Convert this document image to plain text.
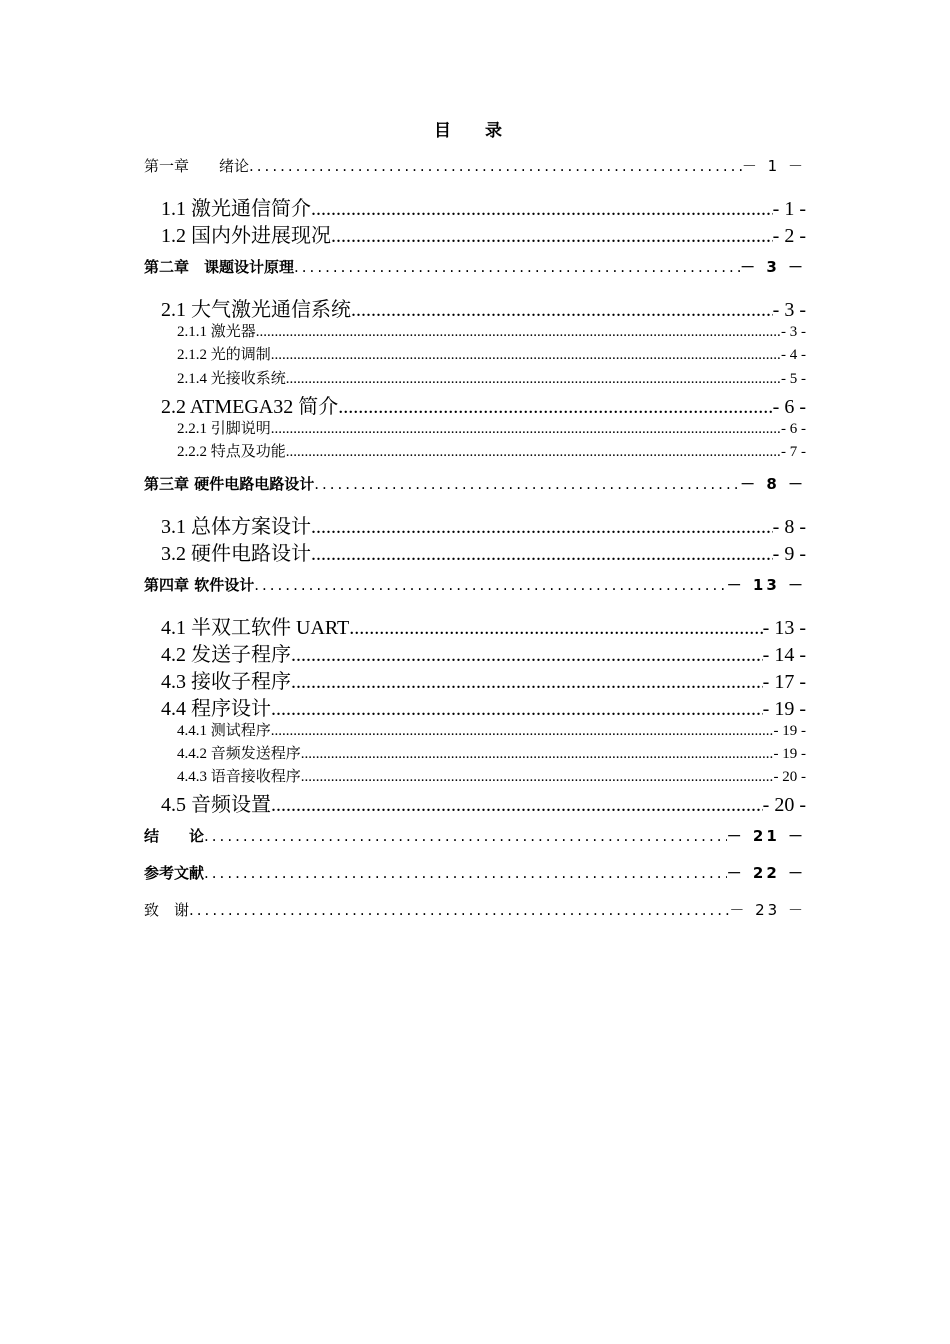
目 录
第一章　　绪论 .....	－ 1 －
1.1 激光通信简介 .....	- 1 -
1.2 国内外进展现况 .....	- 2 -
第二章　课题设计原理 .....	－ 3 －
2.1 大气激光通信系统 .....	- 3 -
2.1.1 激光器 .....	- 3 -
2.1.2 光的调制 .....	- 4 -
2.1.4 光接收系统 .....	- 5 -
2.2 ATMEGA32 简介 .....	- 6 -
2.2.1 引脚说明 .....	- 6 -
2.2.2 特点及功能 .....	- 7 -
第三章 硬件电路电路设计 .....	－ 8 －
3.1 总体方案设计 .....	- 8 -
3.2 硬件电路设计 .....	- 9 -
第四章 软件设计 .....	－ 13 －
4.1 半双工软件 UART .....	- 13 -
4.2 发送子程序 .....	- 14 -
4.3 接收子程序 .....	- 17 -
4.4 程序设计 .....	- 19 -
4.4.1 测试程序 .....	- 19 -
4.4.2 音频发送程序 .....	- 19 -
4.4.3 语音接收程序 .....	- 20 -
4.5 音频设置 .....	- 20 -
结　　论 .....	－ 21 －
参考文献 .....	－ 22 －
致　谢 .....	－ 23 －
